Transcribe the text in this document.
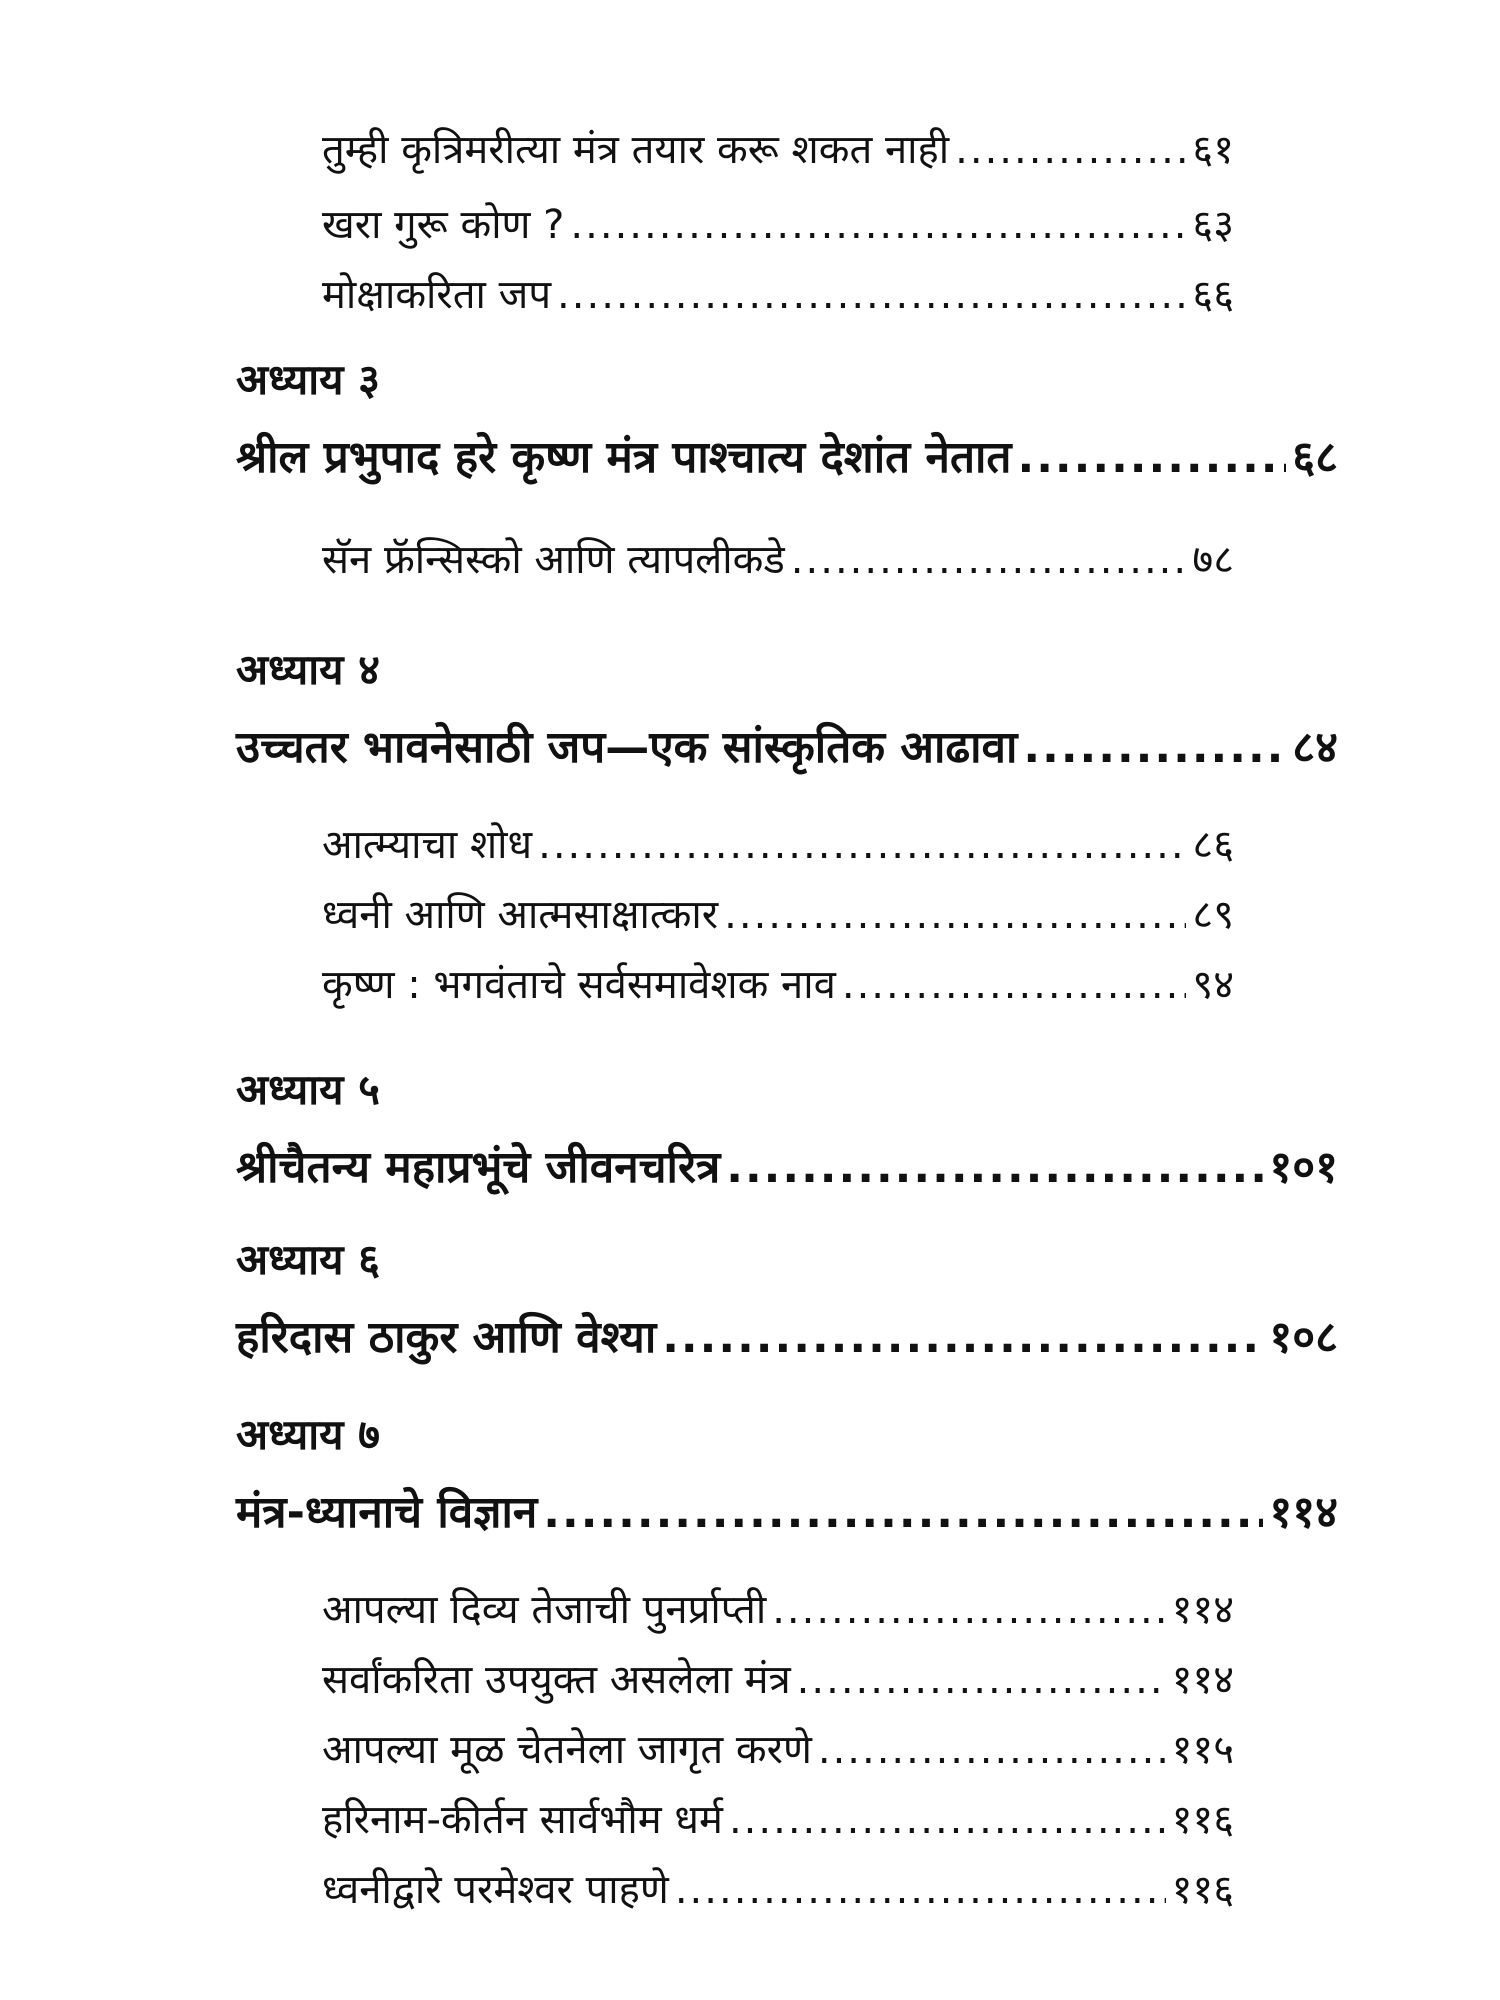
तुम्ही कृत्रिमरीत्या मंत्र तयार करू शकत नाही .....	६१
खरा गुरू कोण ? .....	६३
मोक्षाकरिता जप .....	६६
अध्याय ३
श्रील प्रभुपाद हरे कृष्ण मंत्र पाश्चात्य देशांत नेतात .....	६८
सॅन फ्रॅन्सिस्को आणि त्यापलीकडे .....	७८
अध्याय ४
उच्चतर भावनेसाठी जप—एक सांस्कृतिक आढावा .....	८४
आत्म्याचा शोध .....	८६
ध्वनी आणि आत्मसाक्षात्कार .....	८९
कृष्ण : भगवंताचे सर्वसमावेशक नाव .....	९४
अध्याय ५
श्रीचैतन्य महाप्रभूंचे जीवनचरित्र .....	१०१
अध्याय ६
हरिदास ठाकुर आणि वेश्या .....	१०८
अध्याय ७
मंत्र-ध्यानाचे विज्ञान .....	११४
आपल्या दिव्य तेजाची पुनर्प्राप्ती .....	११४
सर्वांकरिता उपयुक्त असलेला मंत्र .....	११४
आपल्या मूळ चेतनेला जागृत करणे .....	११५
हरिनाम-कीर्तन सार्वभौम धर्म .....	११६
ध्वनीद्वारे परमेश्वर पाहणे .....	११६
